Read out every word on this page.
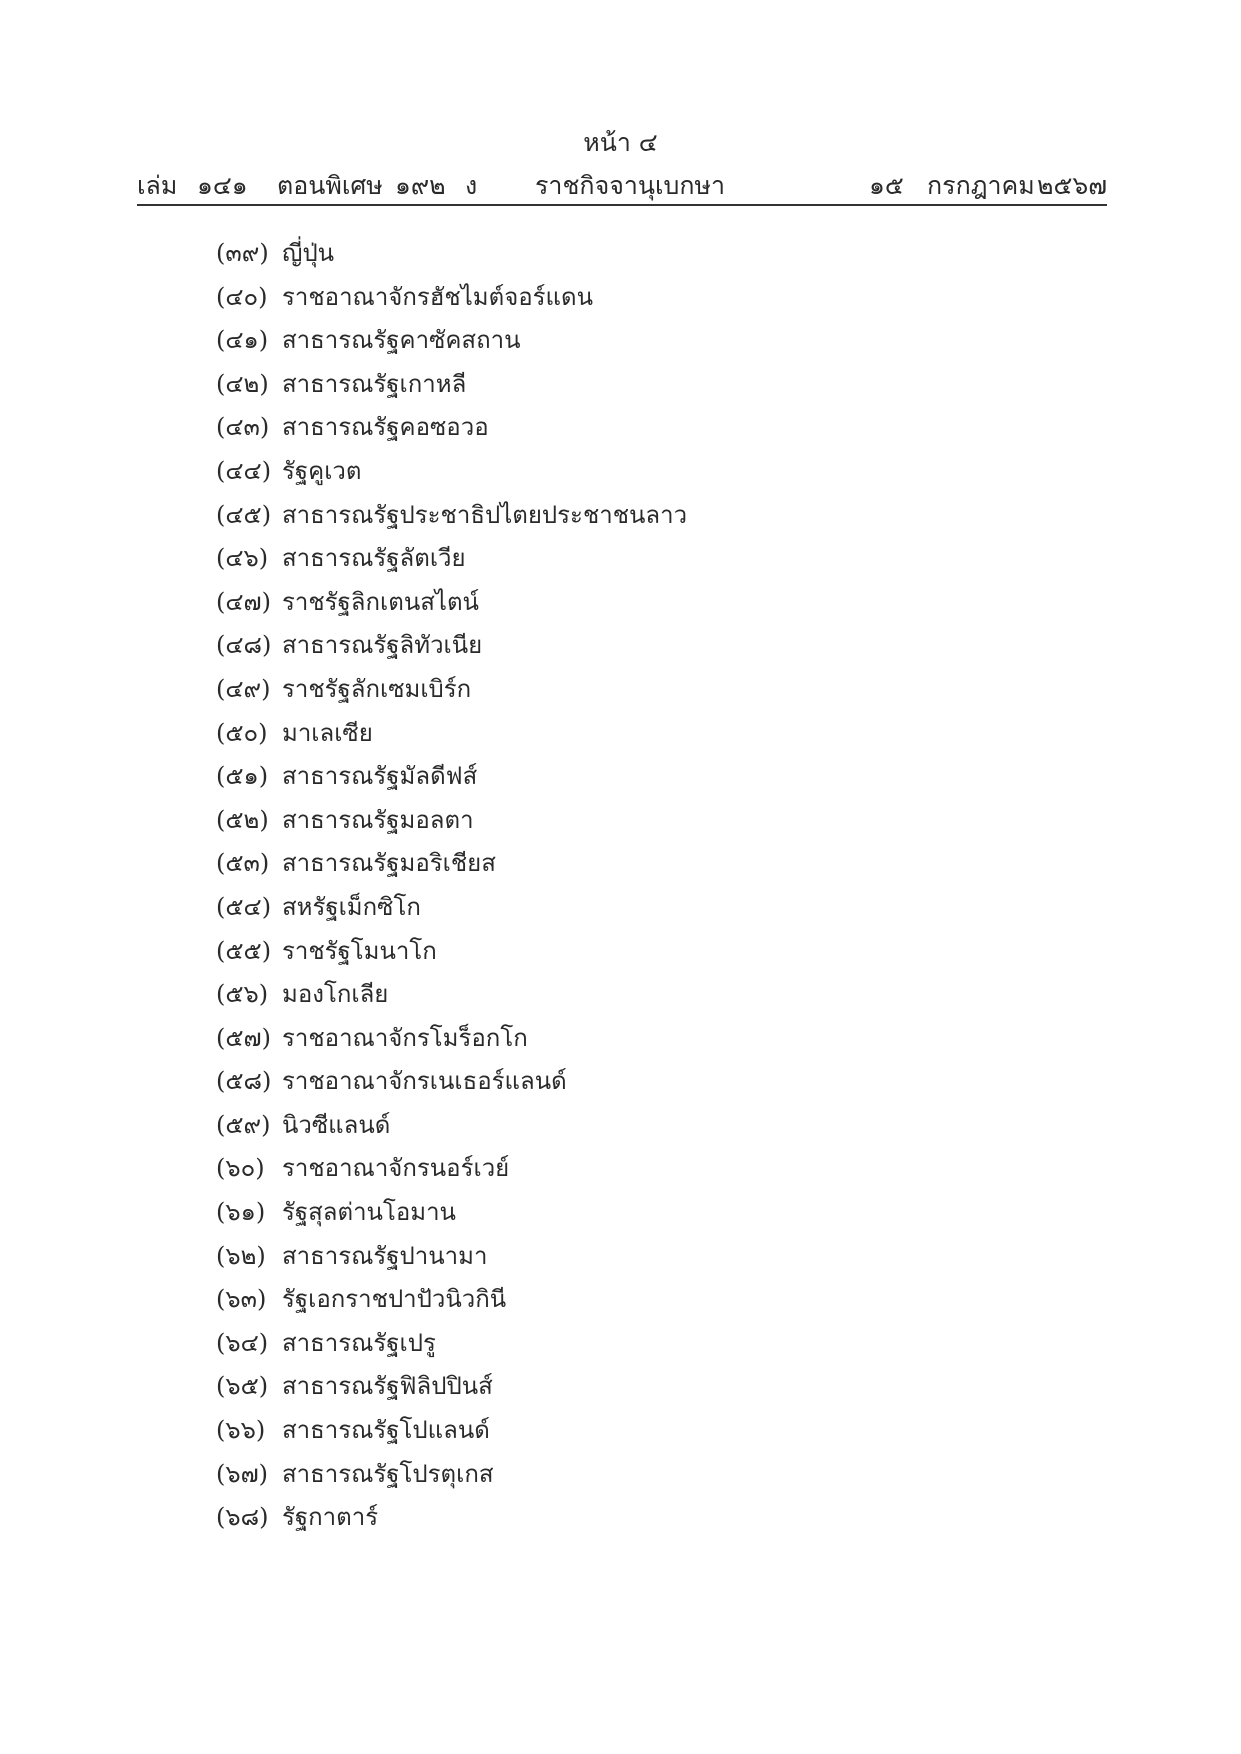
หน้า ๔
เล่ม ๑๔๑ ตอนพิเศษ ๑๙๒ ง ราชกิจจานุเบกษา	๑๕ กรกฎาคม ๒๕๖๗
(๓๙) ญี่ปุ่น
(๔๐) ราชอาณาจักรฮัชไมต์จอร์แดน
(๔๑) สาธารณรัฐคาซัคสถาน
(๔๒) สาธารณรัฐเกาหลี
(๔๓) สาธารณรัฐคอซอวอ
(๔๔) รัฐคูเวต
(๔๕) สาธารณรัฐประชาธิปไตยประชาชนลาว
(๔๖) สาธารณรัฐลัตเวีย
(๔๗) ราชรัฐลิกเตนสไตน์
(๔๘) สาธารณรัฐลิทัวเนีย
(๔๙) ราชรัฐลักเซมเบิร์ก
(๕๐) มาเลเซีย
(๕๑) สาธารณรัฐมัลดีฟส์
(๕๒) สาธารณรัฐมอลตา
(๕๓) สาธารณรัฐมอริเชียส
(๕๔) สหรัฐเม็กซิโก
(๕๕) ราชรัฐโมนาโก
(๕๖) มองโกเลีย
(๕๗) ราชอาณาจักรโมร็อกโก
(๕๘) ราชอาณาจักรเนเธอร์แลนด์
(๕๙) นิวซีแลนด์
(๖๐) ราชอาณาจักรนอร์เวย์
(๖๑) รัฐสุลต่านโอมาน
(๖๒) สาธารณรัฐปานามา
(๖๓) รัฐเอกราชปาปัวนิวกินี
(๖๔) สาธารณรัฐเปรู
(๖๕) สาธารณรัฐฟิลิปปินส์
(๖๖) สาธารณรัฐโปแลนด์
(๖๗) สาธารณรัฐโปรตุเกส
(๖๘) รัฐกาตาร์
